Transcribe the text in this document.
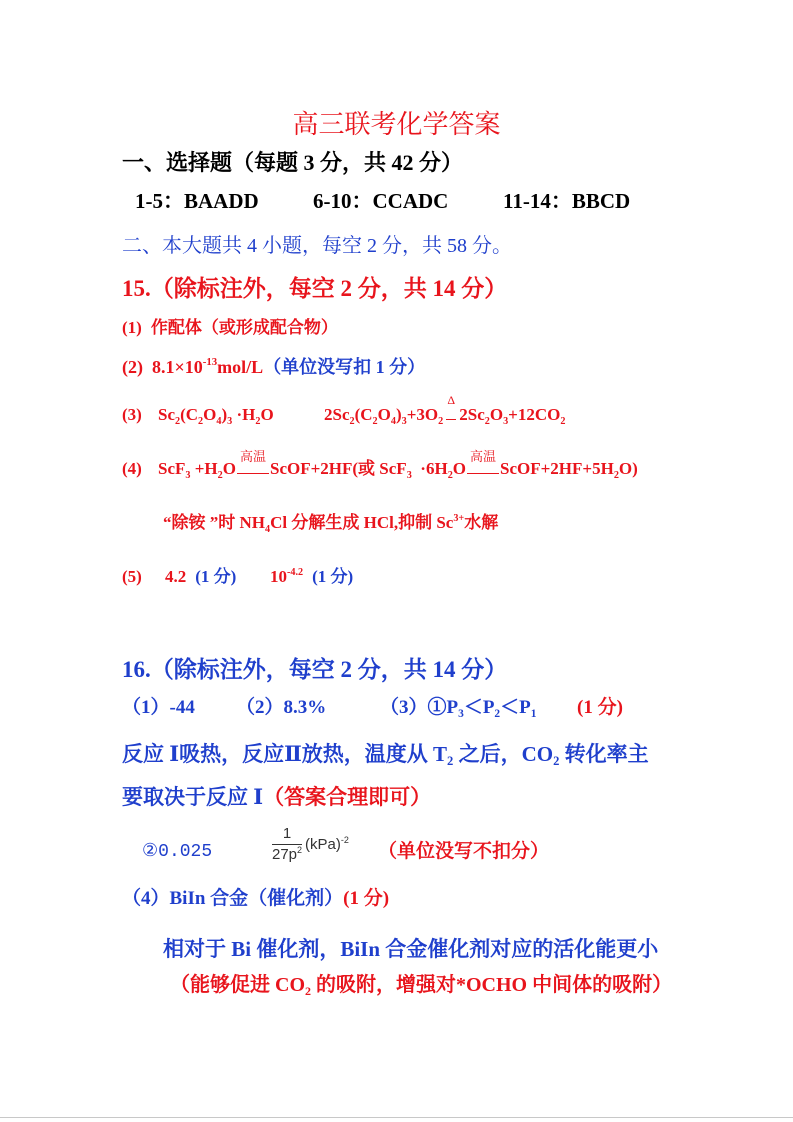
高三联考化学答案
一、选择题（每题 3 分，共 42 分）
1-5：BAADD	6-10：CCADC	11-14：BBCD
二、本大题共 4 小题，每空 2 分，共 58 分。
15.（除标注外，每空 2 分，共 14 分）
(1) 作配体（或形成配合物）
(2) $8.1\times 10^{-13}$ mol/L （单位没写扣 1 分）
(3) $Sc_2$ ($C_2$ $O_4$ )$_3 \cdot H_2$ O	$2Sc_2$ ($C_2$ $O_4$ )$_3 +3O_2$

Δ

$2Sc_2$ $O_3 +12CO_2$
(4) $ScF_3 +H_2$ O

高温

ScOF+2HF (或 $ScF_3 \cdot 6H_2$ O

高温

$ScOF+2HF+5H_2$ O)
“除铵 ”时 $NH_4$ Cl 分解生成 HCl,抑制 $Sc^{3+}$ 水解
(5) 4.2 (1 分) $10^{-4.2}$ (1 分)
16.（除标注外，每空 2 分，共 14 分）
（1）-44 （2）8.3%	$(3)①P_3 <P_2 <P_1$ (1 分)
反应 Ⅰ吸热，反应Ⅱ放热，温度从 $T_2$ 之后，$CO_2$ 转化率主
要取决于反应 Ⅰ （答案合理即可）
②0.025	$\frac{1}{27p^2} (kPa)^{-2}$
（单位没写不扣分）
（4）BiIn 合金（催化剂） (1 分)
相对于 Bi 催化剂，BiIn 合金催化剂对应的活化能更小
（能够促进 $CO_2$ 的吸附，增强对*OCHO 中间体的吸附）
